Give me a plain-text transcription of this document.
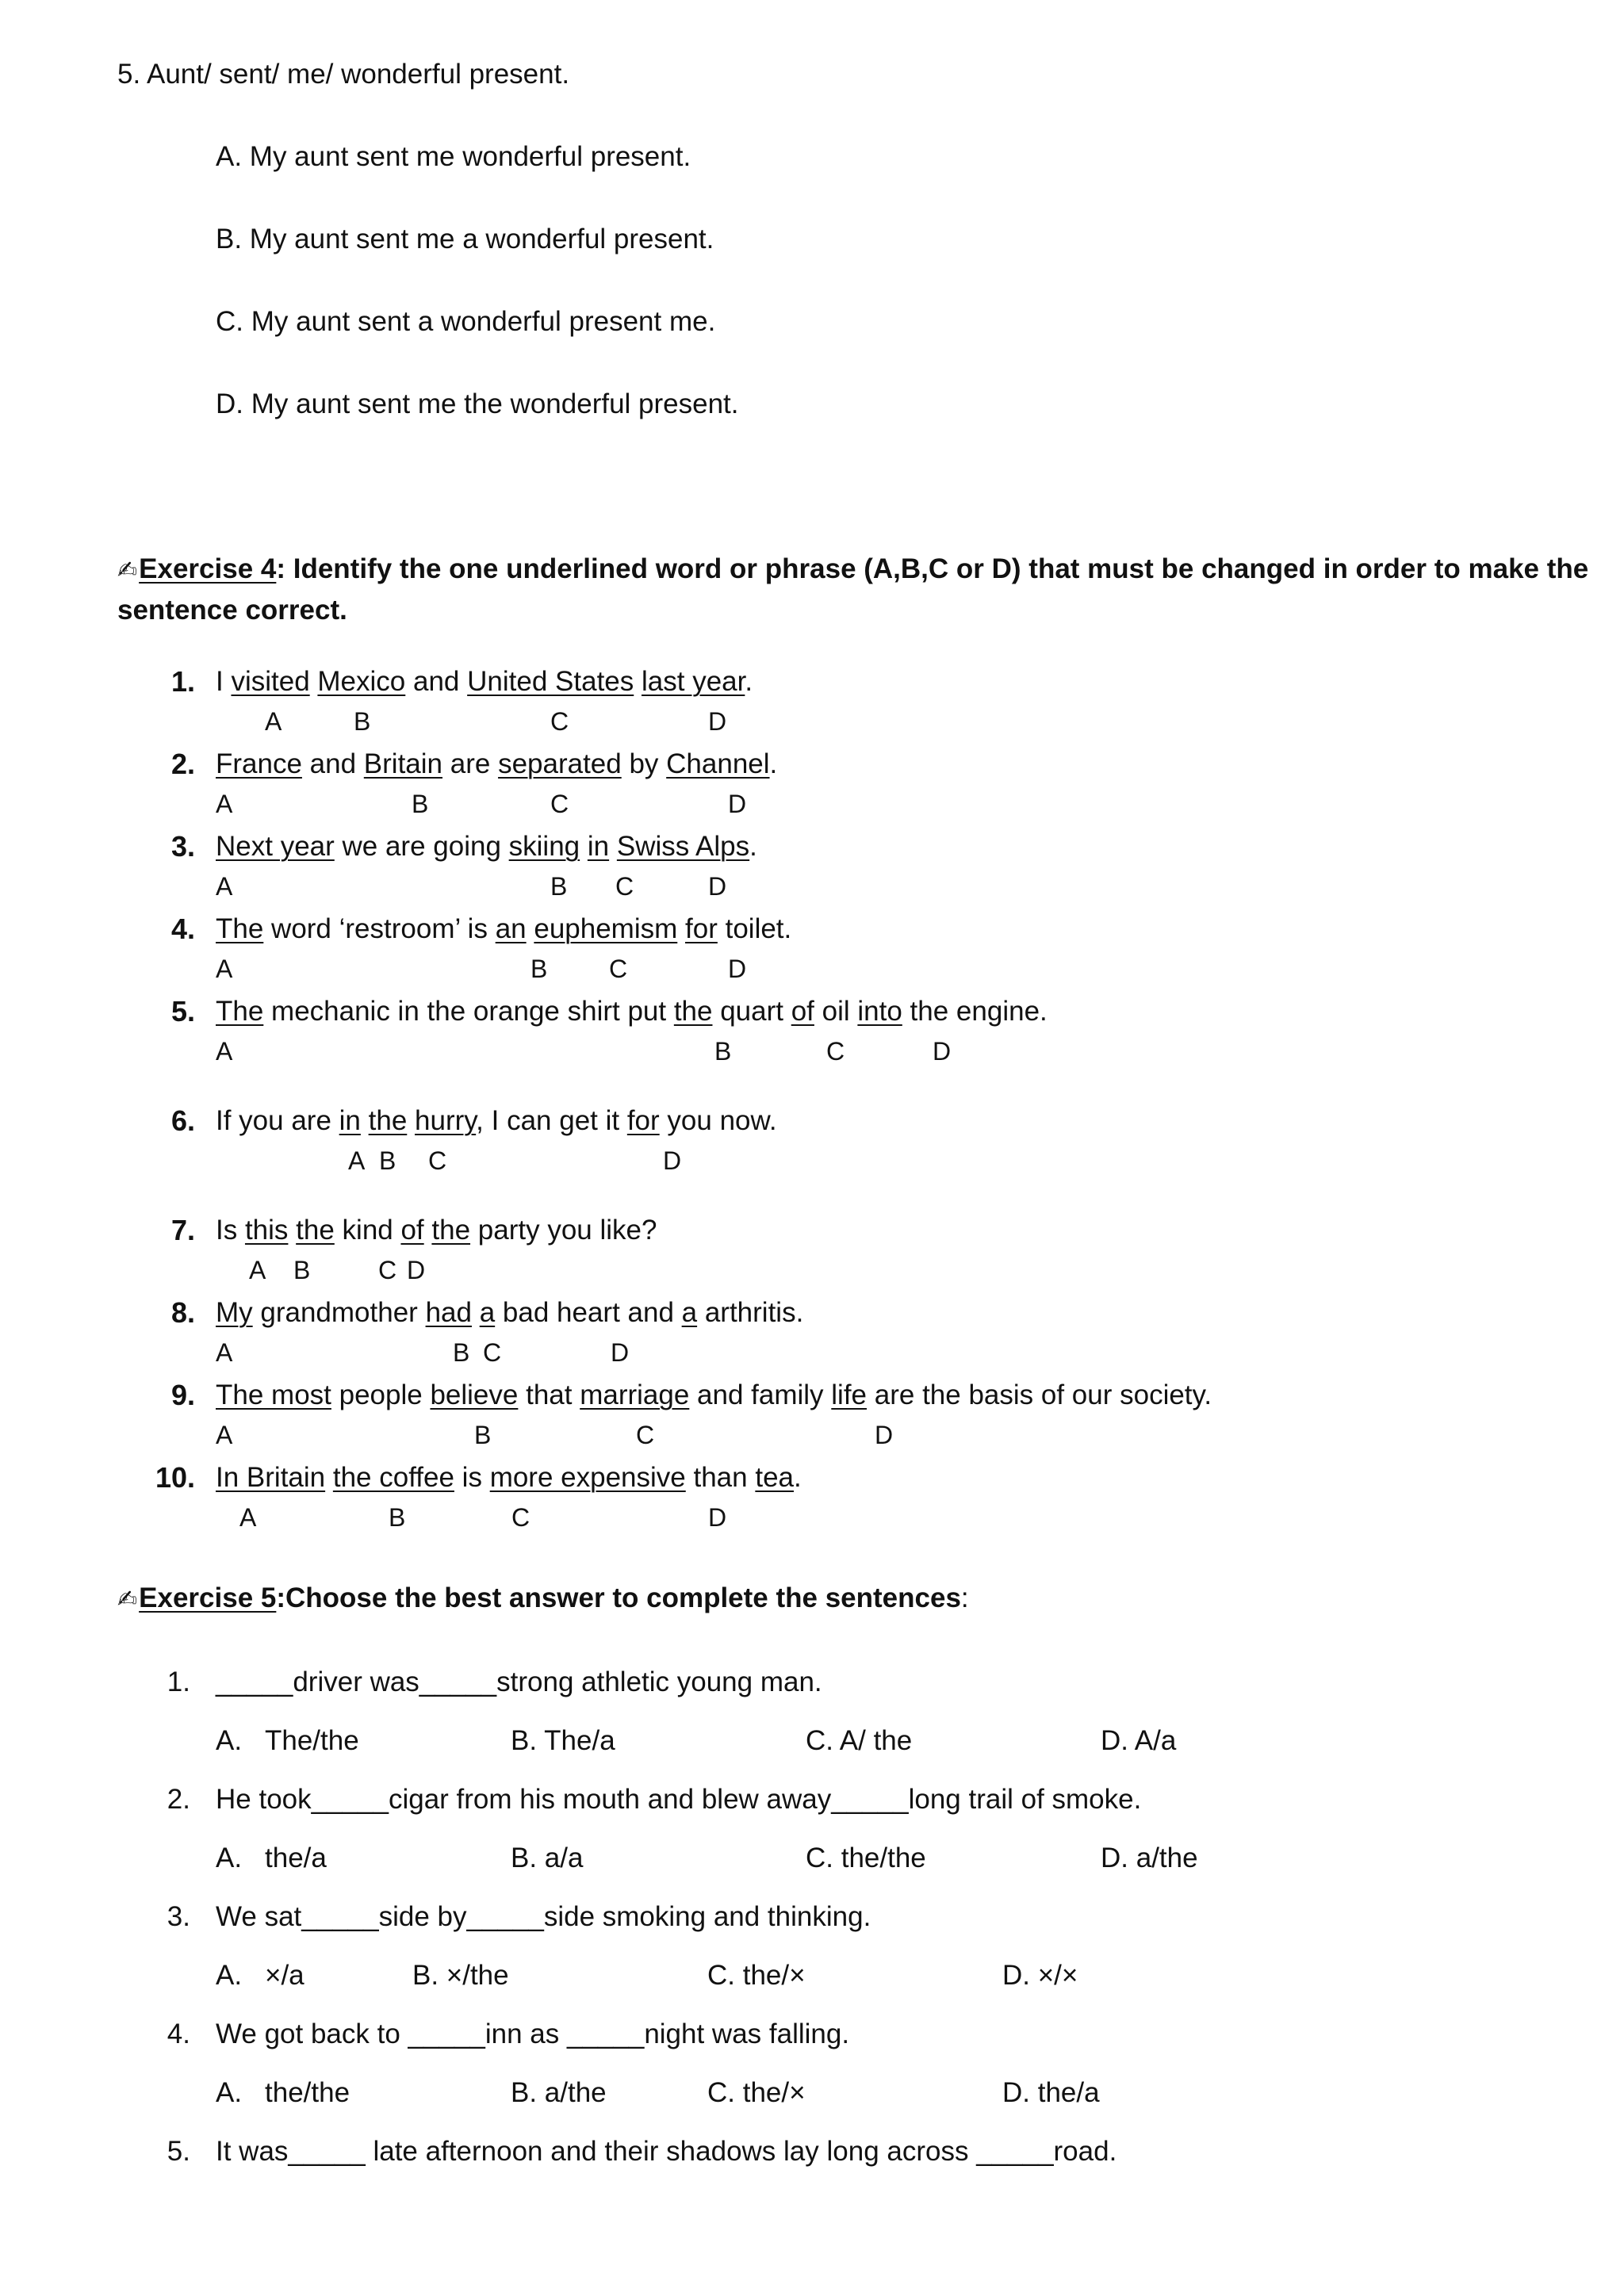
5. Aunt/ sent/ me/ wonderful present.
A. My aunt sent me wonderful present.
B. My aunt sent me a wonderful present.
C. My aunt sent a wonderful present me.
D. My aunt sent me the wonderful present.
✍Exercise 4: Identify the one underlined word or phrase (A,B,C or D) that must be changed in order to make the
sentence correct.
1. I visited Mexico and United States last year.
A	B	C	D
2. France and Britain are separated by Channel.
A	B	C	D
3. Next year we are going skiing in Swiss Alps.
A	B C	D
4. The word ‘restroom’ is an euphemism for toilet.
A	B C	D
5. The mechanic in the orange shirt put the quart of oil into the engine.
A	B	C	D
6. If you are in the hurry, I can get it for you now.
A B C	D
7. Is this the kind of the party you like?
A B	C D
8. My grandmother had a bad heart and a arthritis.
A	B C	D
9. The most people believe that marriage and family life are the basis of our society.
A	B	C	D
10. In Britain the coffee is more expensive than tea.
A	B	C	D
✍Exercise 5:Choose the best answer to complete the sentences:
1. _____driver was_____strong athletic young man.
A. The/the	B. The/a	C. A/ the	D. A/a
2. He took_____cigar from his mouth and blew away_____long trail of smoke.
A. the/a	B. a/a	C. the/the	D. a/the
3. We sat_____side by_____side smoking and thinking.
A. ×/a	B. ×/the	C. the/×	D. ×/×
4. We got back to _____inn as _____night was falling.
A. the/the	B. a/the	C. the/×	D. the/a
5. It was_____ late afternoon and their shadows lay long across _____road.
